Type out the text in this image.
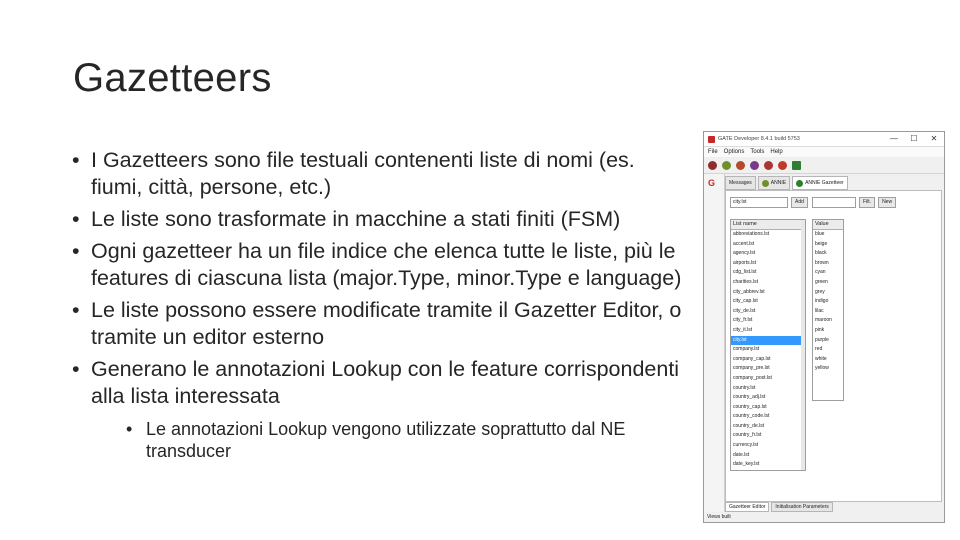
Gazetteers
• I Gazetteers sono file testuali contenenti liste di nomi (es. fiumi, città, persone, etc.)
• Le liste sono trasformate in macchine a stati finiti (FSM)
• Ogni gazetteer ha un file indice che elenca tutte le liste, più le features di ciascuna lista (major.Type, minor.Type e language)
• Le liste possono essere modificate tramite il Gazetter Editor, o tramite un editor esterno
• Generano le annotazioni Lookup con le feature corrispondenti alla lista interessata
• Le annotazioni Lookup vengono utilizzate soprattutto dal NE transducer
GATE Developer 8.4.1 build 5753	—	☐	✕
File Options Tools Help
G	Messages	ANNIE	ANNIE Gazetteer
city.lst	Add	Filt.	New
List name
abbreviations.lst
accent.lst
agency.lst
airports.lst
cdg_list.lst
charities.lst
city_abbrev.lst
city_cap.lst
city_de.lst
city_fr.lst
city_it.lst
city.lst
company.lst
company_cap.lst
company_pre.lst
company_post.lst
country.lst
country_adj.lst
country_cap.lst
country_code.lst
country_de.lst
country_fr.lst
currency.lst
date.lst
date_key.lst
Value
blue
beige
black
brown
cyan
green
grey
indigo
lilac
maroon
pink
purple
red
white
yellow
Gazetteer Editor	Initialisation Parameters
Views built
